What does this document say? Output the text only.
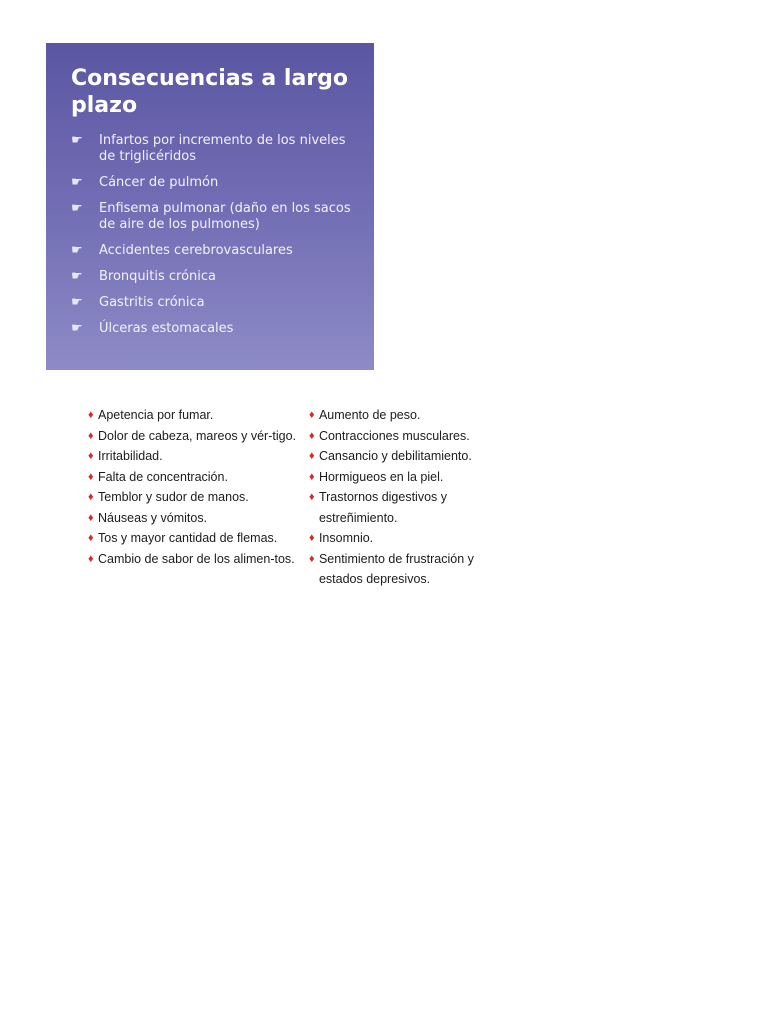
Consecuencias a largo plazo
☛	Infartos por incremento de los niveles de triglicéridos
☛	Cáncer de pulmón
☛	Enfisema pulmonar (daño en los sacos de aire de los pulmones)
☛	Accidentes cerebrovasculares
☛	Bronquitis crónica
☛	Gastritis crónica
☛	Úlceras estomacales
♦ Apetencia por fumar.
♦ Dolor de cabeza, mareos y vér-tigo.
♦ Irritabilidad.
♦ Falta de concentración.
♦ Temblor y sudor de manos.
♦ Náuseas y vómitos.
♦ Tos y mayor cantidad de flemas.
♦ Cambio de sabor de los alimen-tos.
♦ Aumento de peso.
♦ Contracciones musculares.
♦ Cansancio y debilitamiento.
♦ Hormigueos en la piel.
♦ Trastornos digestivos y estreñimiento.
♦ Insomnio.
♦ Sentimiento de frustración y estados depresivos.
